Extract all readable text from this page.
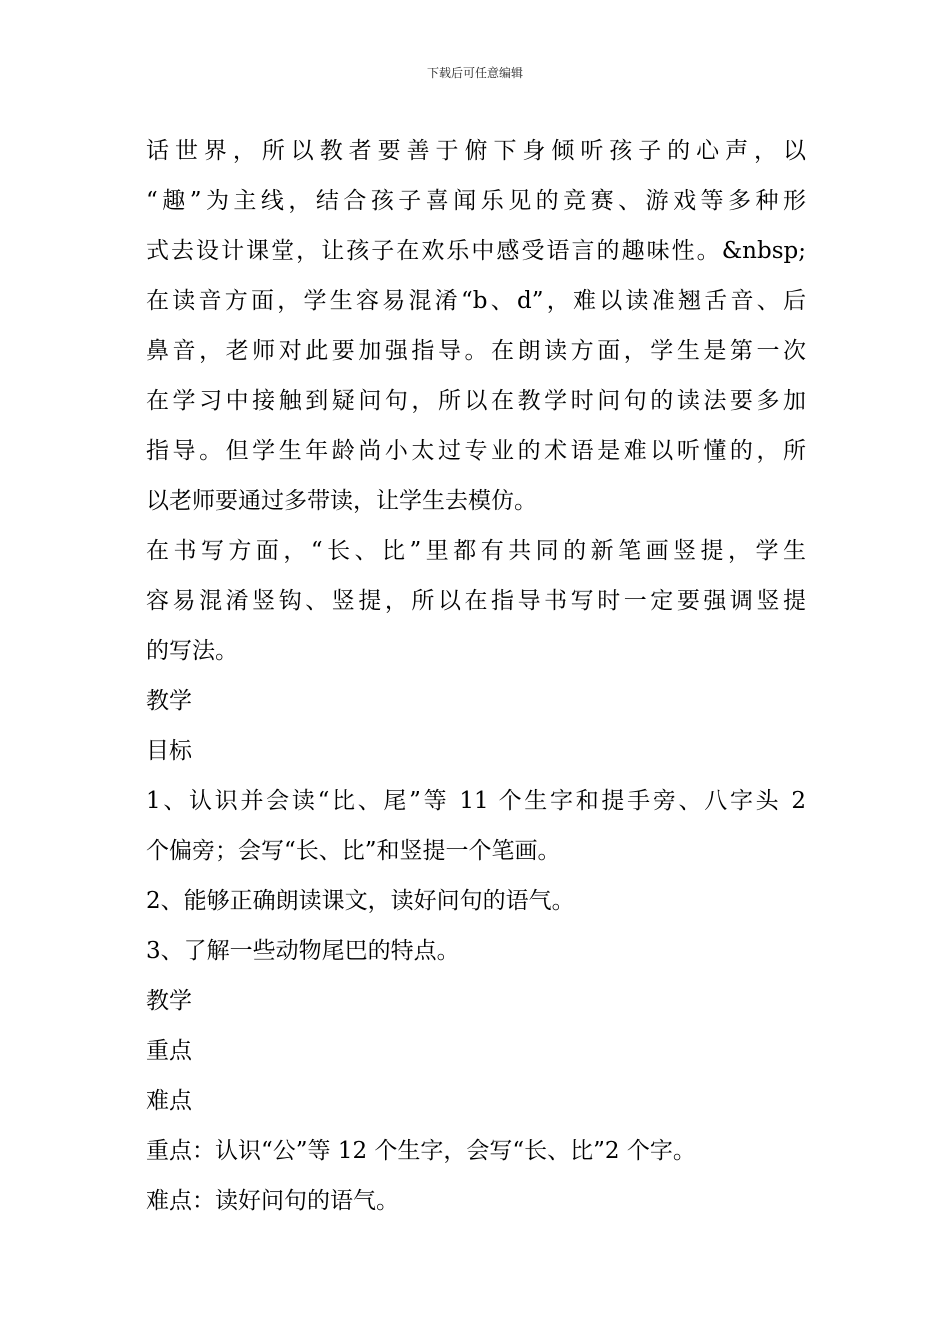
下载后可任意编辑
话世界，所以教者要善于俯下身倾听孩子的心声，以
“趣”为主线，结合孩子喜闻乐见的竞赛、游戏等多种形
式去设计课堂，让孩子在欢乐中感受语言的趣味性。&nbsp;
在读音方面，学生容易混淆“b、d”，难以读准翘舌音、后
鼻音，老师对此要加强指导。在朗读方面，学生是第一次
在学习中接触到疑问句，所以在教学时问句的读法要多加
指导。但学生年龄尚小太过专业的术语是难以听懂的，所
以老师要通过多带读，让学生去模仿。
在书写方面，“长、比”里都有共同的新笔画竖提，学生
容易混淆竖钩、竖提，所以在指导书写时一定要强调竖提
的写法。
教学
目标
1、认识并会读“比、尾”等 11 个生字和提手旁、八字头 2
个偏旁；会写“长、比”和竖提一个笔画。
2、能够正确朗读课文，读好问句的语气。
3、了解一些动物尾巴的特点。
教学
重点
难点
重点：认识“公”等 12 个生字，会写“长、比”2 个字。
难点：读好问句的语气。
